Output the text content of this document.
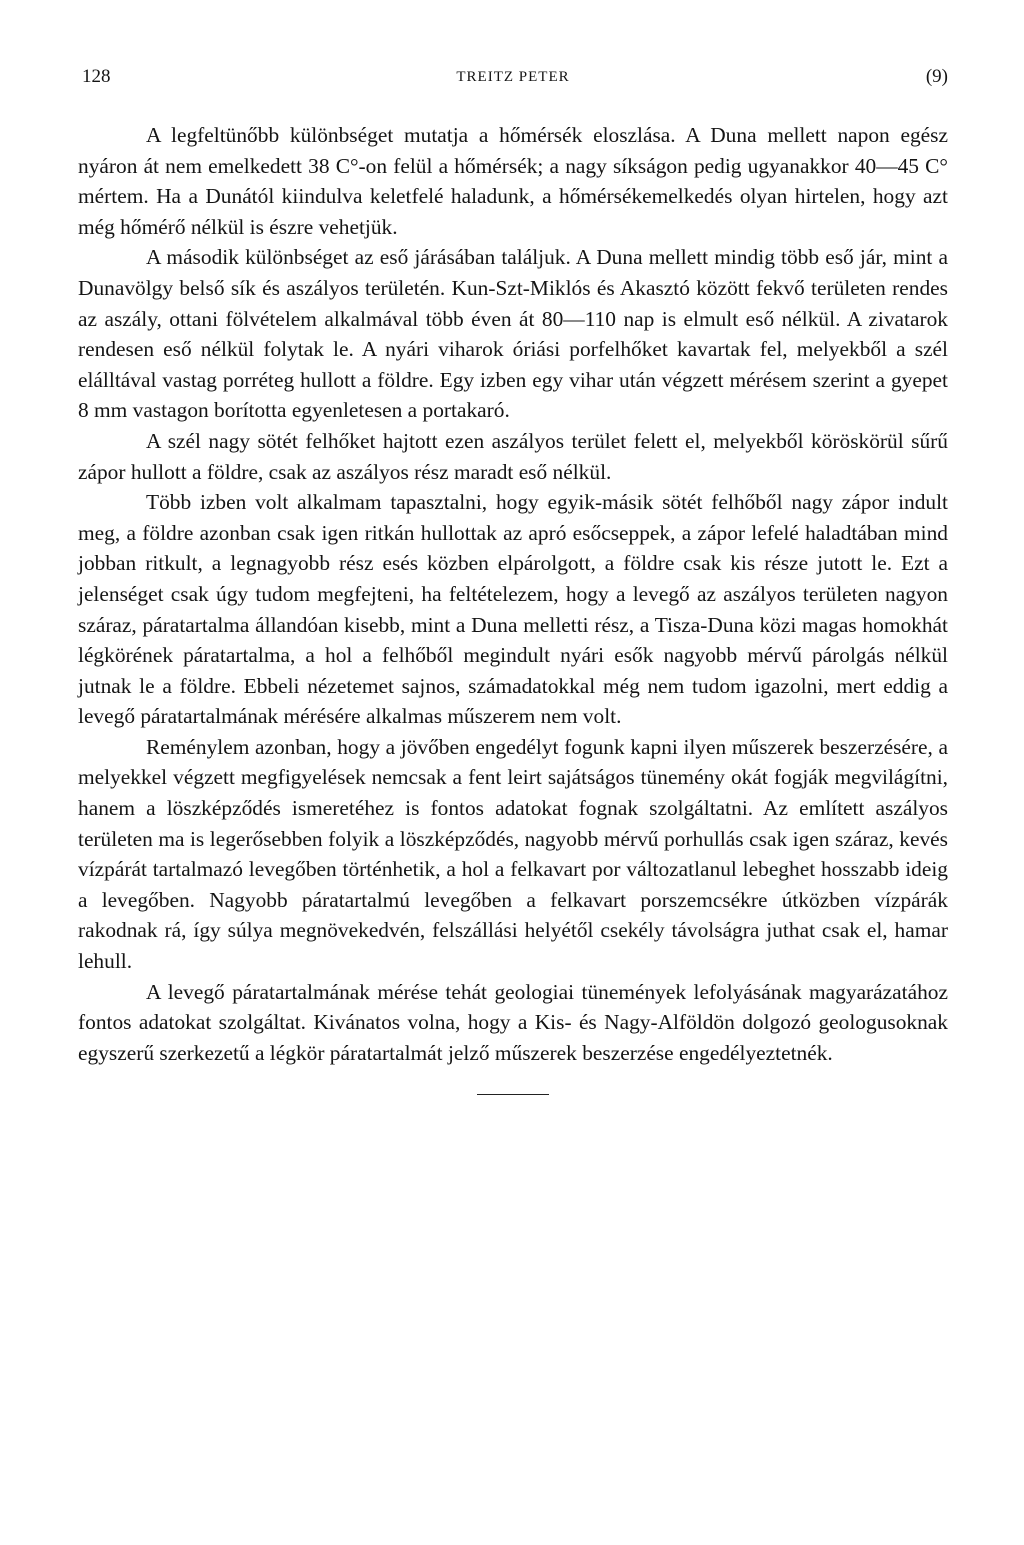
128	TREITZ PETER	(9)

A legfeltünőbb különbséget mutatja a hőmérsék eloszlása. A Duna mellett napon egész nyáron át nem emelkedett 38 C°-on felül a hőmérsék; a nagy síkságon pedig ugyanakkor 40—45 C° mértem. Ha a Dunától kiindulva keletfelé haladunk, a hőmérsékemelkedés olyan hirtelen, hogy azt még hőmérő nélkül is észre vehetjük.

A második különbséget az eső járásában találjuk. A Duna mellett mindig több eső jár, mint a Dunavölgy belső sík és aszályos területén. Kun-Szt-Miklós és Akasztó között fekvő területen rendes az aszály, ottani fölvételem alkalmával több éven át 80—110 nap is elmult eső nélkül. A zivatarok rendesen eső nélkül folytak le. A nyári viharok óriási porfelhőket kavartak fel, melyekből a szél elálltával vastag porréteg hullott a földre. Egy izben egy vihar után végzett mérésem szerint a gyepet 8 mm vastagon borította egyenletesen a portakaró.

A szél nagy sötét felhőket hajtott ezen aszályos terület felett el, melyekből köröskörül sűrű zápor hullott a földre, csak az aszályos rész maradt eső nélkül.

Több izben volt alkalmam tapasztalni, hogy egyik-másik sötét felhőből nagy zápor indult meg, a földre azonban csak igen ritkán hullottak az apró esőcseppek, a zápor lefelé haladtában mind jobban ritkult, a legnagyobb rész esés közben elpárolgott, a földre csak kis része jutott le. Ezt a jelenséget csak úgy tudom megfejteni, ha feltételezem, hogy a levegő az aszályos területen nagyon száraz, páratartalma állandóan kisebb, mint a Duna melletti rész, a Tisza-Duna közi magas homokhát légkörének páratartalma, a hol a felhőből megindult nyári esők nagyobb mérvű párolgás nélkül jutnak le a földre. Ebbeli nézetemet sajnos, számadatokkal még nem tudom igazolni, mert eddig a levegő páratartalmának mérésére alkalmas műszerem nem volt.

Reménylem azonban, hogy a jövőben engedélyt fogunk kapni ilyen műszerek beszerzésére, a melyekkel végzett megfigyelések nemcsak a fent leirt sajátságos tünemény okát fogják megvilágítni, hanem a löszképződés ismeretéhez is fontos adatokat fognak szolgáltatni. Az említett aszályos területen ma is legerősebben folyik a löszképződés, nagyobb mérvű porhullás csak igen száraz, kevés vízpárát tartalmazó levegőben történhetik, a hol a felkavart por változatlanul lebeghet hosszabb ideig a levegőben. Nagyobb páratartalmú levegőben a felkavart porszemcsékre útközben vízpárák rakodnak rá, így súlya megnövekedvén, felszállási helyétől csekély távolságra juthat csak el, hamar lehull.

A levegő páratartalmának mérése tehát geologiai tünemények lefolyásának magyarázatához fontos adatokat szolgáltat. Kivánatos volna, hogy a Kis- és Nagy-Alföldön dolgozó geologusoknak egyszerű szerkezetű a légkör páratartalmát jelző műszerek beszerzése engedélyeztetnék.
